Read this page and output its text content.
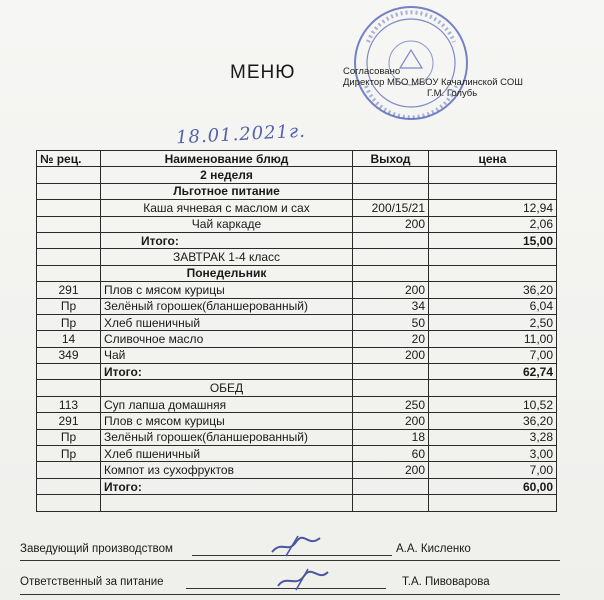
МЕНЮ	Согласовано
Директор МБО МБОУ Качалинской СОШ
Г.М. Голубь
18.01.2021г.
№ рец.	Наименование блюд	Выход	цена
	2 неделя		
	Льготное питание		
	Каша ячневая с маслом и сах	200/15/21	12,94
	Чай каркаде	200	2,06
	Итого:		15,00
	ЗАВТРАК 1-4 класс		
	Понедельник		
291	Плов с мясом курицы	200	36,20
Пр	Зелёный горошек(бланшерованный)	34	6,04
Пр	Хлеб пшеничный	50	2,50
14	Сливочное масло	20	11,00
349	Чай	200	7,00
	Итого:		62,74
	ОБЕД		
113	Суп лапша домашняя	250	10,52
291	Плов с мясом курицы	200	36,20
Пр	Зелёный горошек(бланшерованный)	18	3,28
Пр	Хлеб пшеничный	60	3,00
	Компот из сухофруктов	200	7,00
	Итого:		60,00

Заведующий производством	А.А. Кисленко
Ответственный за питание	Т.А. Пивоварова
